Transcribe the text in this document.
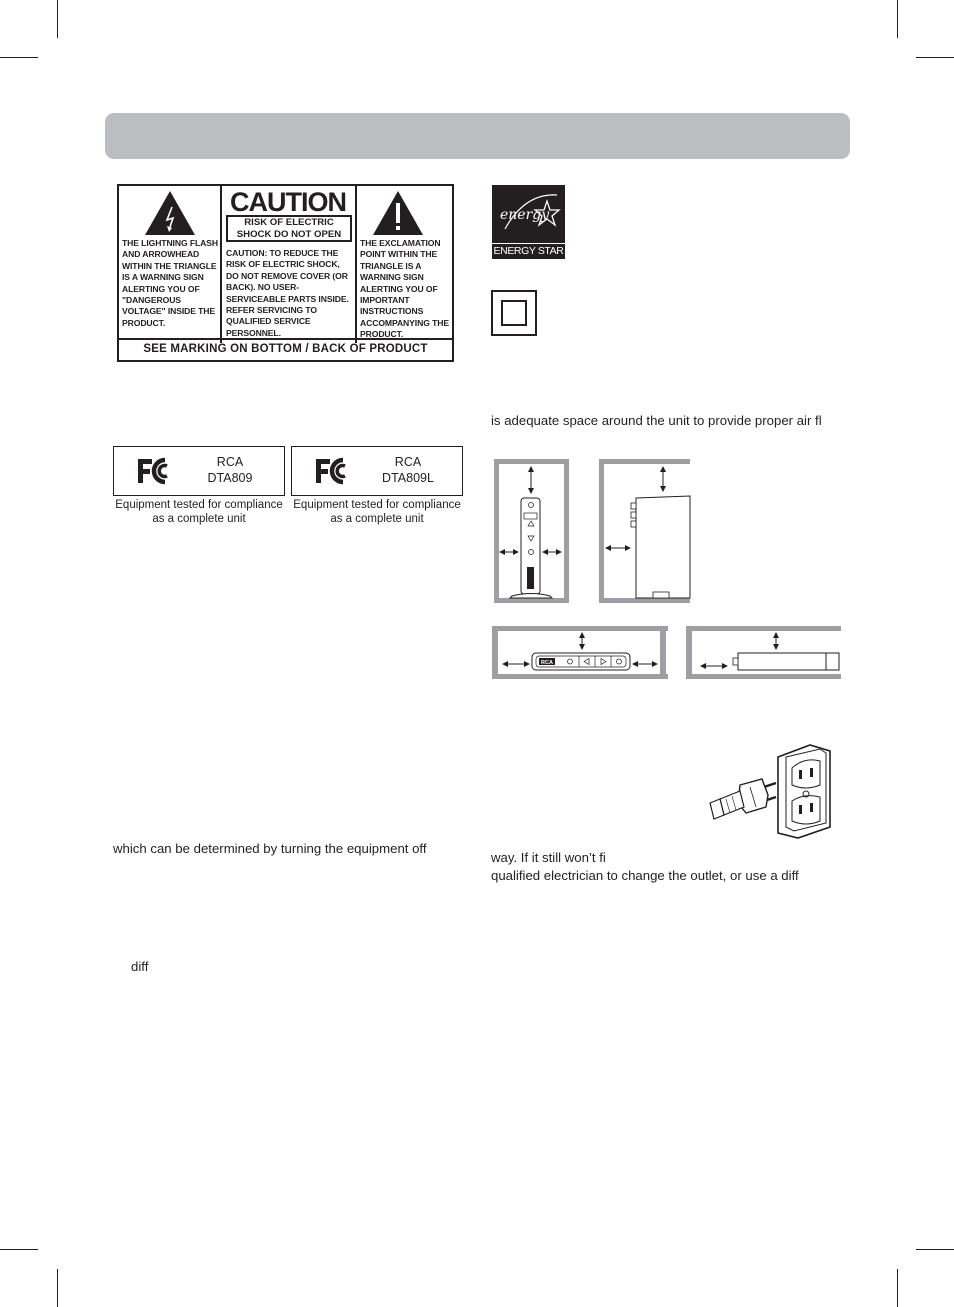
THE LIGHTNING FLASH AND ARROWHEAD WITHIN THE TRIANGLE IS A WARNING SIGN ALERTING YOU OF "DANGEROUS VOLTAGE" INSIDE THE PRODUCT.
CAUTION
RISK OF ELECTRIC SHOCK DO NOT OPEN
CAUTION: TO REDUCE THE RISK OF ELECTRIC SHOCK, DO NOT REMOVE COVER (OR BACK). NO USER-SERVICEABLE PARTS INSIDE. REFER SERVICING TO QUALIFIED SERVICE PERSONNEL.
THE EXCLAMATION POINT WITHIN THE TRIANGLE IS A WARNING SIGN ALERTING YOU OF IMPORTANT INSTRUCTIONS ACCOMPANYING THE PRODUCT.
SEE MARKING ON BOTTOM / BACK OF PRODUCT
RCA
DTA809
Equipment tested for compliance as a complete unit
RCA
DTA809L
Equipment tested for compliance as a complete unit
which can be determined by turning the equipment off
diff
energy
ENERGY STAR
is adequate space around the unit to provide proper air fl
RCA
way. If it still won’t fi
qualified electrician to change the outlet, or use a diff
